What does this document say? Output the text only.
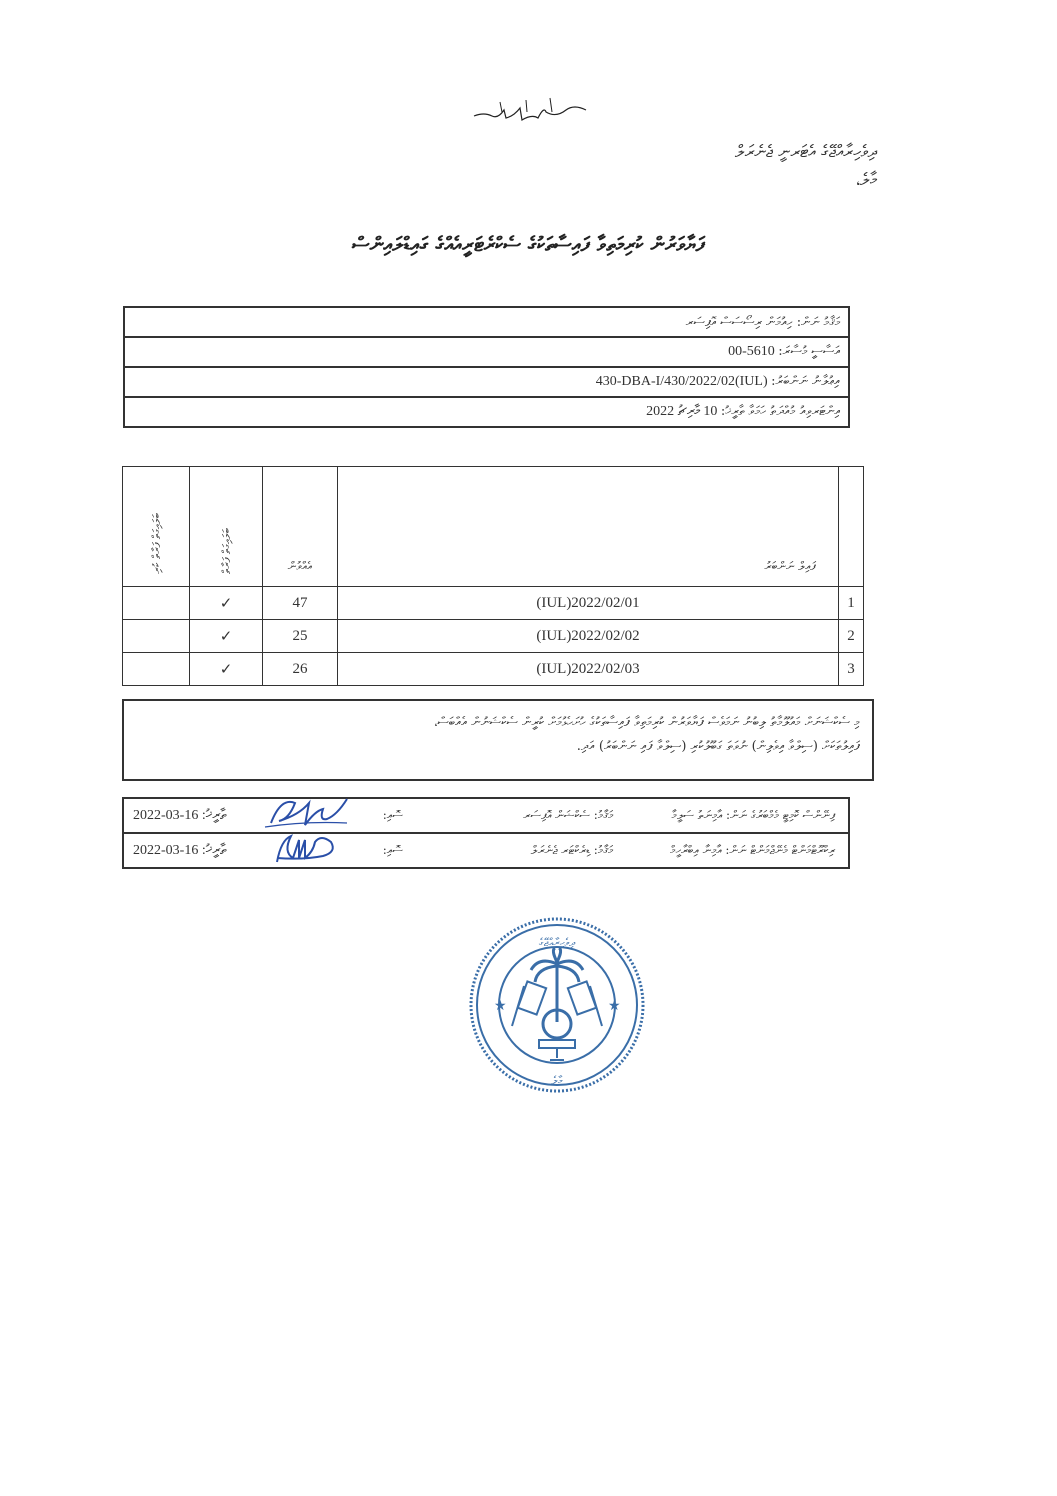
ދިވެހިރާއްޖޭގެ އެޓަރނީ ޖެނެރަލް
މާލެ،
ފަޔާވަރުން ކުރިމަތިވާ ފައިސާތަކުގެ ސެކްރެޓަރީއެއްގެ ގައިޑްލައިންސް
މަޤާމު ނަން: ހިއުމަން ރިސޯސަސް އޮފިސަރ
އަސާސީ މުސާރަ: 5610-00
އިޢުލާނު ނަންބަރު: (IUL)430-DBA-I/430/2022/02
އިންޓަރވިއު މުއްދަތު ހަމަވާ ތާރީޚު: 10 މާރިޗު 2022
ބަލައިގަތް ފަރާތް ކުރި	ބަލައިގަތް ފަރާތް	އެއްވުން	ފައިލް ނަންބަރު	
	✓	47	(IUL)2022/02/01	1
	✓	25	(IUL)2022/02/02	2
	✓	26	(IUL)2022/02/03	3
މި ސެކްޝަނަށް މައުލޫމާތު ލިބުނު ނަމަވެސް ފަޔާވަރުން ކުރިމަތިވާ ފައިސާތަކުގެ ހުށަހެޅުމަށް ކުރީން ސެކްޝަނުން އެއްބަސް،
ފައިލުތަކަށް (ސިލްވާ އިވެލިން) ނުވަތަ ގަބޫލުކުރި (ސިލްވާ ފައި ނަންބަރު) އަދި.
ތާރީޚު: 16-03-2022	ސޮއި:	މަޤާމު: ސެކްޝަން އޮފިސަރ	ފިނޭންސް ކޮމިޓީ މެމްބަރުގެ ނަން: އާމިނަތު ސަލީމާ

ތާރީޚު: 16-03-2022	ސޮއި:	މަޤާމު: ޑިރެކްޓަރ ޖެނެރަލް	ރިކްރޫޓްމަންޓް މެނޭޖްމަންޓް ނަން: އާމިނާ އިބްރާހީމް
ދިވެހިރާއްޖޭގެ
މާލެ
★	★
